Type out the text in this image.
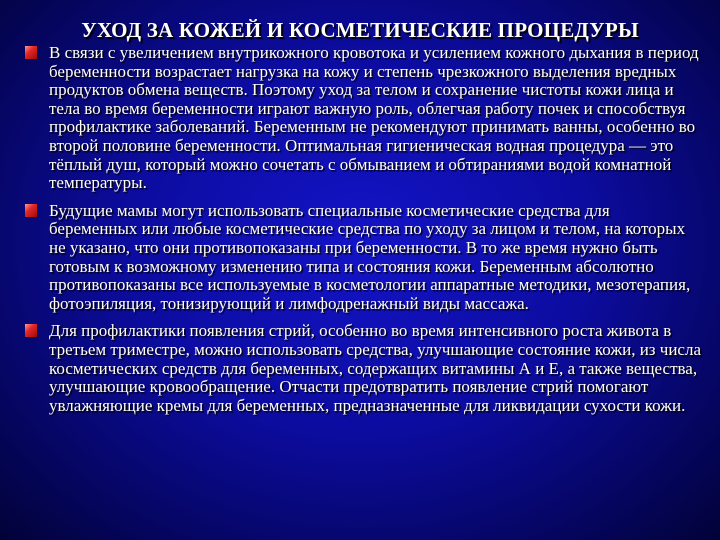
УХОД ЗА КОЖЕЙ И КОСМЕТИЧЕСКИЕ ПРОЦЕДУРЫ
В связи с увеличением внутрикожного кровотока и усилением кожного дыхания в период беременности возрастает нагрузка на кожу и степень чрезкожного выделения вредных продуктов обмена веществ. Поэтому уход за телом и сохранение чистоты кожи лица и тела во время беременности играют важную роль, облегчая работу почек и способствуя профилактике заболеваний. Беременным не рекомендуют принимать ванны, особенно во второй половине беременности. Оптимальная гигиеническая водная процедура — это тёплый душ, который можно сочетать с обмыванием и обтираниями водой комнатной температуры.
Будущие мамы могут использовать специальные косметические средства для беременных или любые косметические средства по уходу за лицом и телом, на которых не указано, что они противопоказаны при беременности. В то же время нужно быть готовым к возможному изменению типа и состояния кожи. Беременным абсолютно противопоказаны все используемые в косметологии аппаратные методики, мезотерапия, фотоэпиляция, тонизирующий и лимфодренажный виды массажа.
Для профилактики появления стрий, особенно во время интенсивного роста живота в третьем триместре, можно использовать средства, улучшающие состояние кожи, из числа косметических средств для беременных, содержащих витамины А и Е, а также вещества, улучшающие кровообращение. Отчасти предотвратить появление стрий помогают увлажняющие кремы для беременных, предназначенные для ликвидации сухости кожи.
